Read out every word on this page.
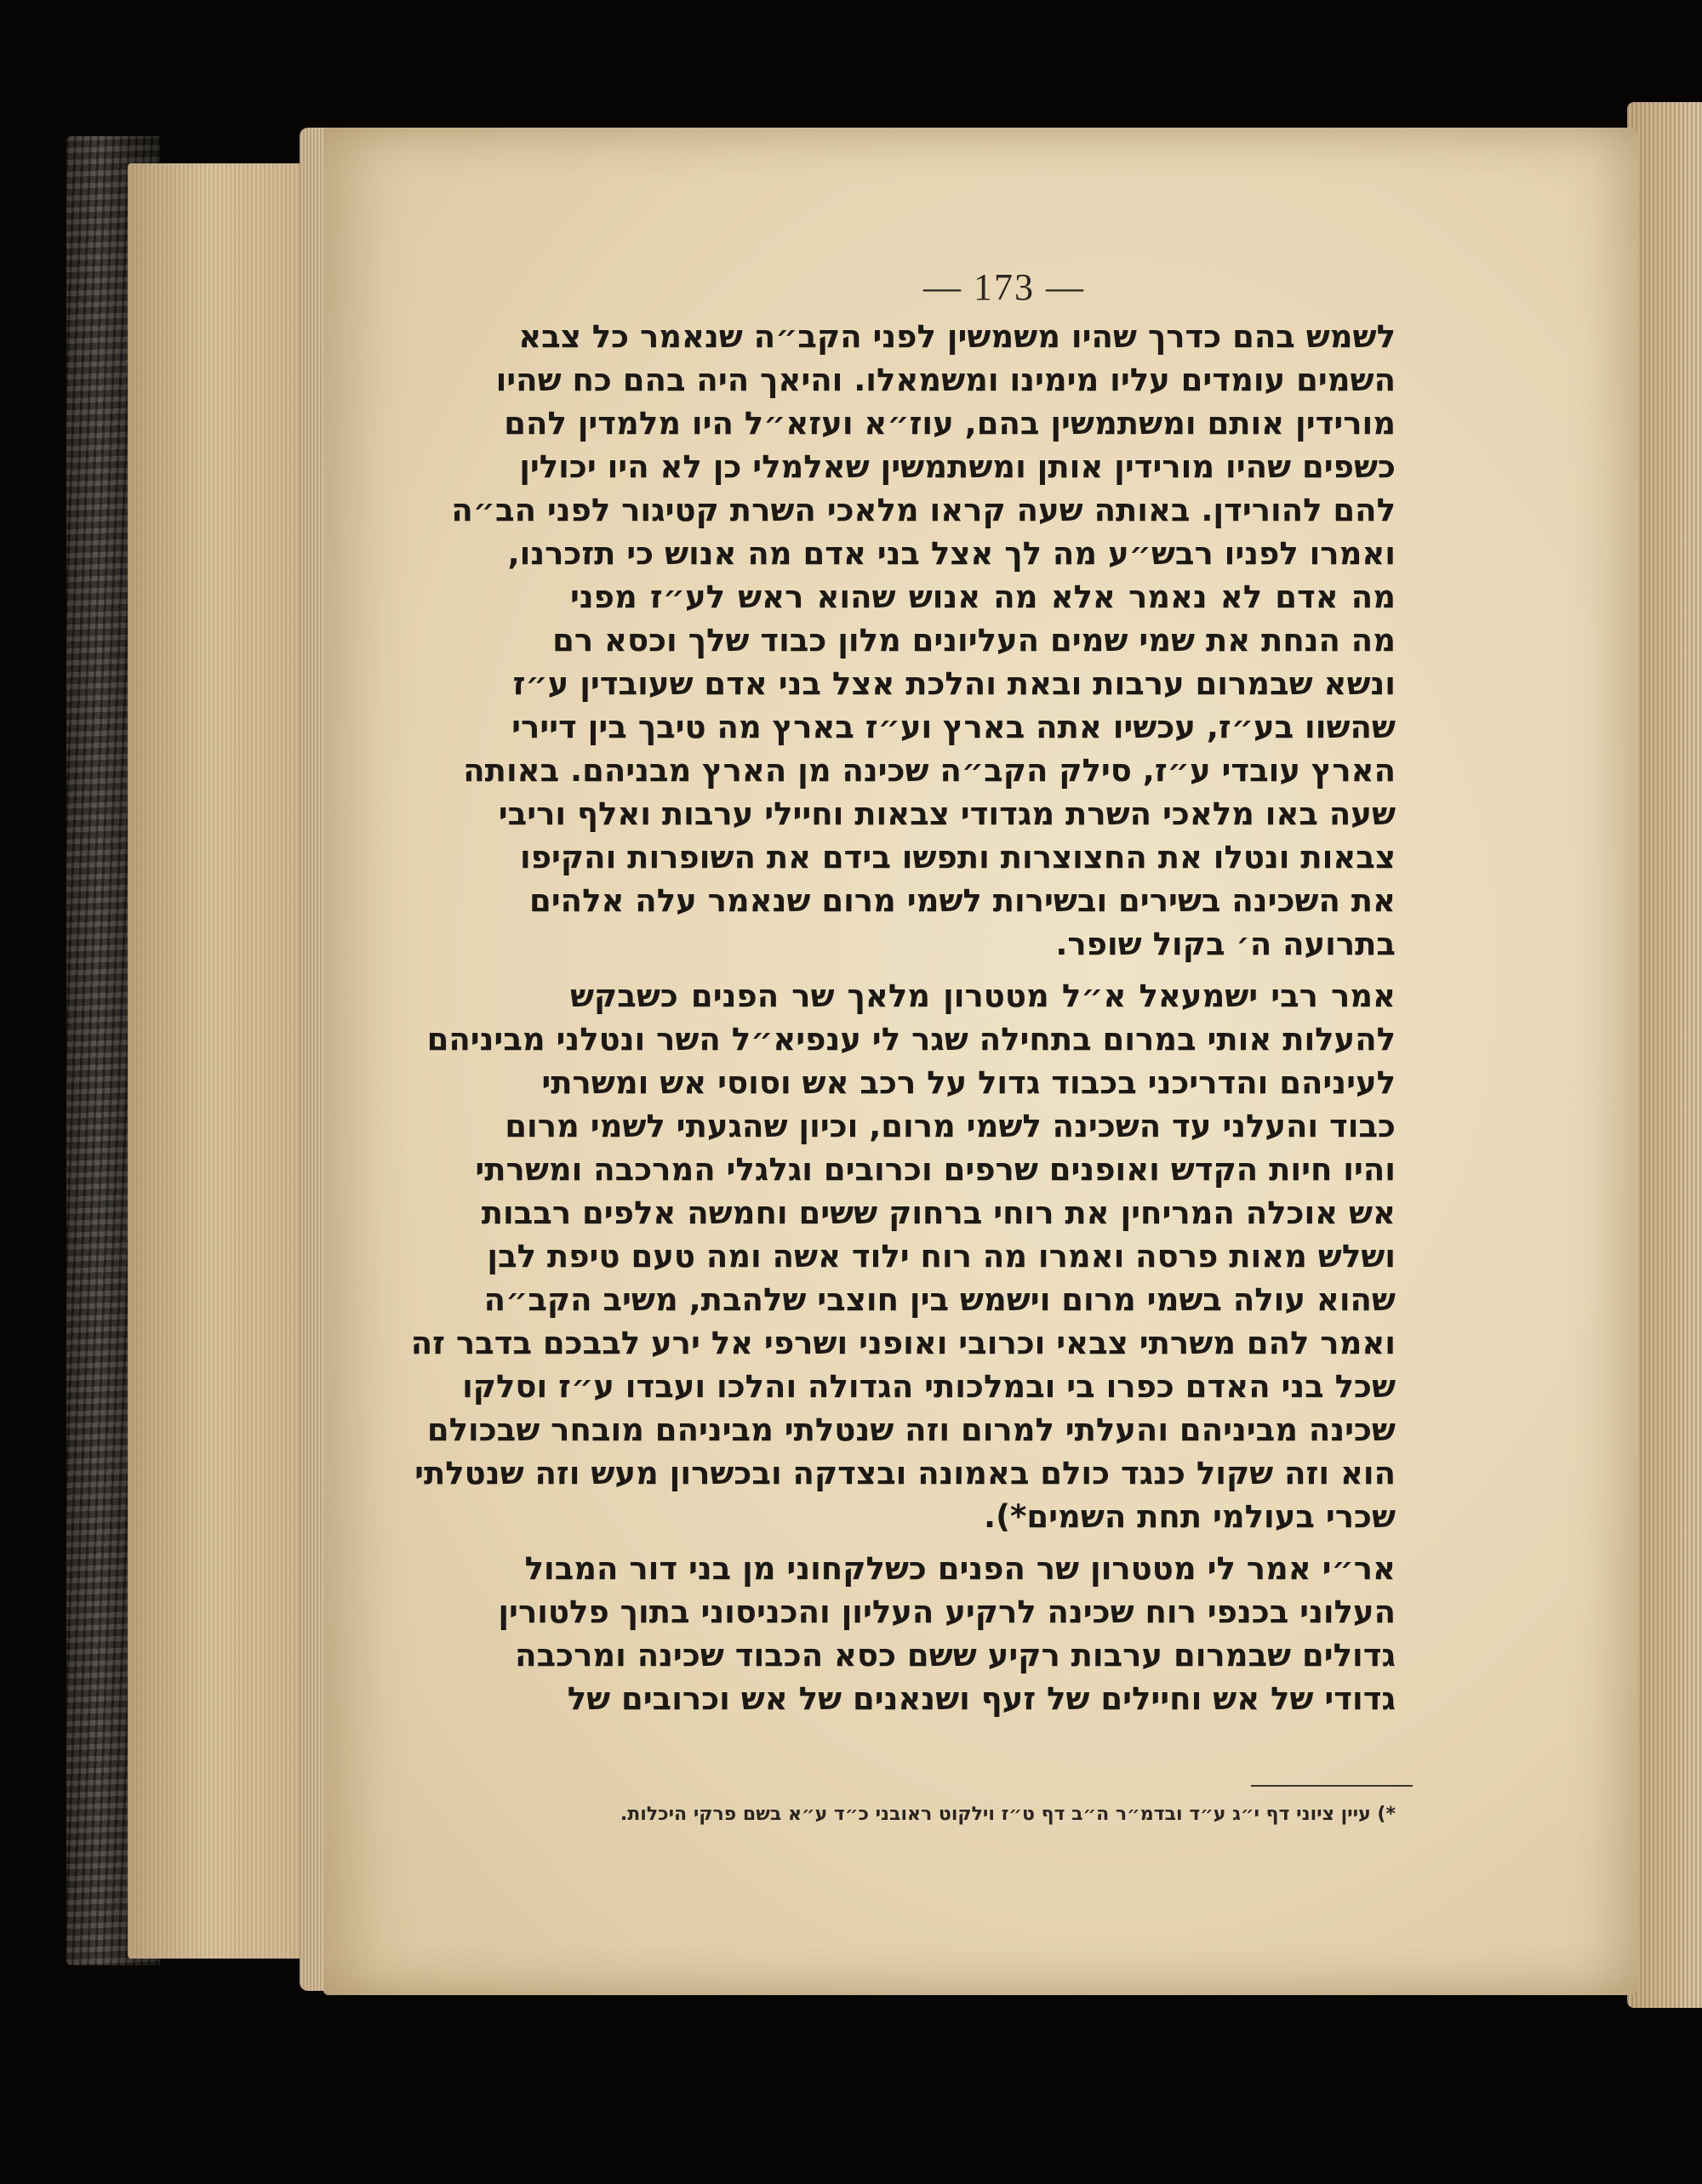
— 173 —
לשמש בהם כדרך שהיו משמשין לפני הקב״ה שנאמר כל צבא
השמים עומדים עליו מימינו ומשמאלו. והיאך היה בהם כח שהיו
מורידין אותם ומשתמשין בהם, עוז״א ועזא״ל היו מלמדין להם
כשפים שהיו מורידין אותן ומשתמשין שאלמלי כן לא היו יכולין
להם להורידן. באותה שעה קראו מלאכי השרת קטיגור לפני הב״ה
ואמרו לפניו רבש״ע מה לך אצל בני אדם מה אנוש כי תזכרנו,
מה אדם לא נאמר אלא מה אנוש שהוא ראש לע״ז מפני
מה הנחת את שמי שמים העליונים מלון כבוד שלך וכסא רם
ונשא שבמרום ערבות ובאת והלכת אצל בני אדם שעובדין ע״ז
שהשוו בע״ז, עכשיו אתה בארץ וע״ז בארץ מה טיבך בין דיירי
הארץ עובדי ע״ז, סילק הקב״ה שכינה מן הארץ מבניהם. באותה
שעה באו מלאכי השרת מגדודי צבאות וחיילי ערבות ואלף וריבי
צבאות ונטלו את החצוצרות ותפשו בידם את השופרות והקיפו
את השכינה בשירים ובשירות לשמי מרום שנאמר עלה אלהים
בתרועה ה׳ בקול שופר.
אמר רבי ישמעאל א״ל מטטרון מלאך שר הפנים כשבקש
להעלות אותי במרום בתחילה שגר לי ענפיא״ל השר ונטלני מביניהם
לעיניהם והדריכני בכבוד גדול על רכב אש וסוסי אש ומשרתי
כבוד והעלני עד השכינה לשמי מרום, וכיון שהגעתי לשמי מרום
והיו חיות הקדש ואופנים שרפים וכרובים וגלגלי המרכבה ומשרתי
אש אוכלה המריחין את רוחי ברחוק ששים וחמשה אלפים רבבות
ושלש מאות פרסה ואמרו מה רוח ילוד אשה ומה טעם טיפת לבן
שהוא עולה בשמי מרום וישמש בין חוצבי שלהבת, משיב הקב״ה
ואמר להם משרתי צבאי וכרובי ואופני ושרפי אל ירע לבבכם בדבר זה
שכל בני האדם כפרו בי ובמלכותי הגדולה והלכו ועבדו ע״ז וסלקו
שכינה מביניהם והעלתי למרום וזה שנטלתי מביניהם מובחר שבכולם
הוא וזה שקול כנגד כולם באמונה ובצדקה ובכשרון מעש וזה שנטלתי
שכרי בעולמי תחת השמים*).
אר״י אמר לי מטטרון שר הפנים כשלקחוני מן בני דור המבול
העלוני בכנפי רוח שכינה לרקיע העליון והכניסוני בתוך פלטורין
גדולים שבמרום ערבות רקיע ששם כסא הכבוד שכינה ומרכבה
גדודי של אש וחיילים של זעף ושנאנים של אש וכרובים של
*) עיין ציוני דף י״ג ע״ד ובדמ״ר ה״ב דף ט״ז וילקוט ראובני כ״ד ע״א בשם פרקי היכלות.
